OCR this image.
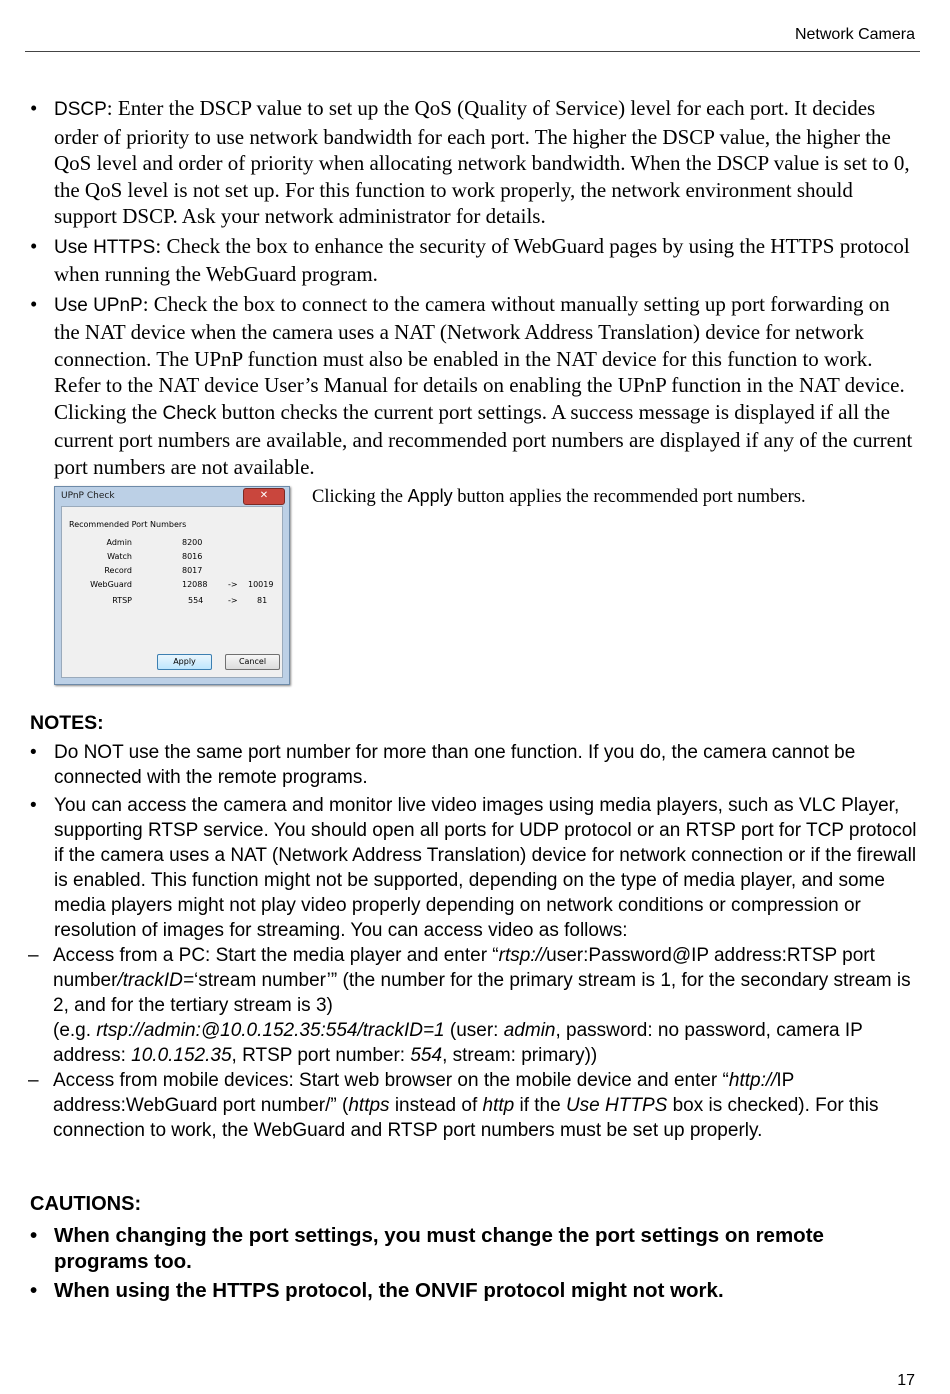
Network Camera
• DSCP: Enter the DSCP value to set up the QoS (Quality of Service) level for each port. It decides order of priority to use network bandwidth for each port. The higher the DSCP value, the higher the QoS level and order of priority when allocating network bandwidth. When the DSCP value is set to 0, the QoS level is not set up. For this function to work properly, the network environment should support DSCP. Ask your network administrator for details.
• Use HTTPS: Check the box to enhance the security of WebGuard pages by using the HTTPS protocol when running the WebGuard program.
• Use UPnP: Check the box to connect to the camera without manually setting up port forwarding on the NAT device when the camera uses a NAT (Network Address Translation) device for network connection. The UPnP function must also be enabled in the NAT device for this function to work. Refer to the NAT device User’s Manual for details on enabling the UPnP function in the NAT device. Clicking the Check button checks the current port settings. A success message is displayed if all the current port numbers are available, and recommended port numbers are displayed if any of the current port numbers are not available.
UPnP Check	✕
Recommended Port Numbers
Admin	8200
Watch	8016
Record	8017
WebGuard	12088	-> 10019
RTSP	554	-> 81
Apply	Cancel
Clicking the Apply button applies the recommended port numbers.
NOTES:
• Do NOT use the same port number for more than one function. If you do, the camera cannot be connected with the remote programs.
• You can access the camera and monitor live video images using media players, such as VLC Player, supporting RTSP service. You should open all ports for UDP protocol or an RTSP port for TCP protocol if the camera uses a NAT (Network Address Translation) device for network connection or if the firewall is enabled. This function might not be supported, depending on the type of media player, and some media players might not play video properly depending on network conditions or compression or resolution of images for streaming. You can access video as follows:
– Access from a PC: Start the media player and enter “rtsp://user:Password@IP address:RTSP port number/trackID=‘stream number’” (the number for the primary stream is 1, for the secondary stream is 2, and for the tertiary stream is 3)
(e.g. rtsp://admin:@10.0.152.35:554/trackID=1 (user: admin, password: no password, camera IP address: 10.0.152.35, RTSP port number: 554, stream: primary))
– Access from mobile devices: Start web browser on the mobile device and enter “http://IP address:WebGuard port number/” (https instead of http if the Use HTTPS box is checked). For this connection to work, the WebGuard and RTSP port numbers must be set up properly.
CAUTIONS:
• When changing the port settings, you must change the port settings on remote programs too.
• When using the HTTPS protocol, the ONVIF protocol might not work.
17
